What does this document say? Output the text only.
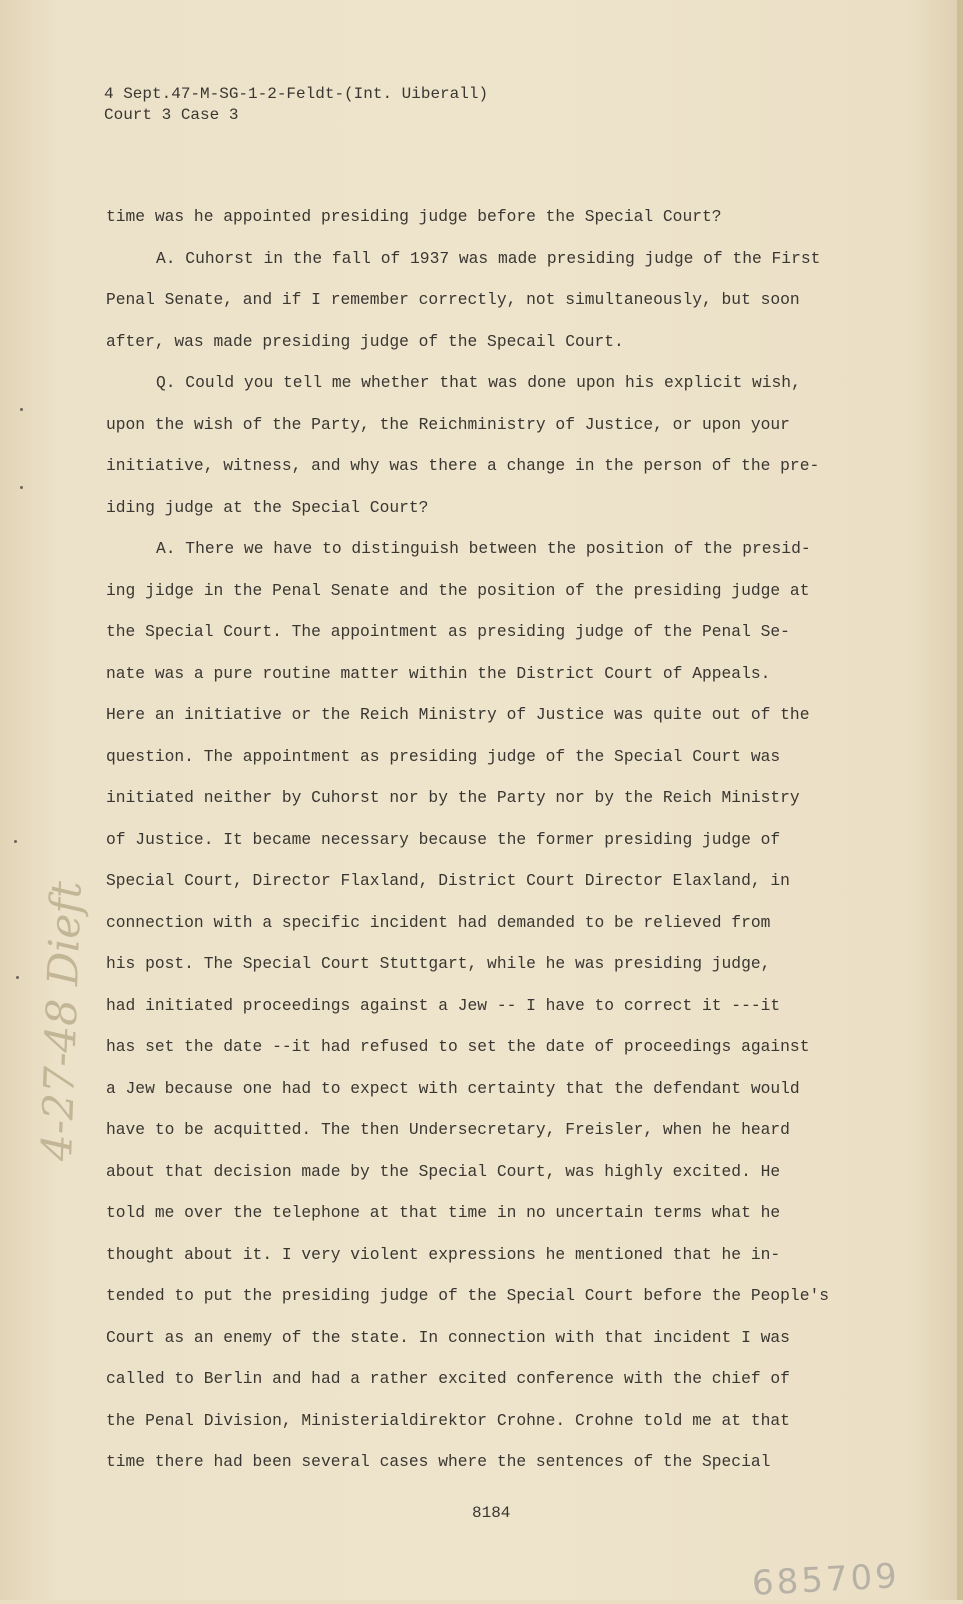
4 Sept.47-M-SG-1-2-Feldt-(Int. Uiberall)
Court 3 Case 3
time was he appointed presiding judge before the Special Court?
A. Cuhorst in the fall of 1937 was made presiding judge of the First
Penal Senate, and if I remember correctly, not simultaneously, but soon
after, was made presiding judge of the Specail Court.
Q. Could you tell me whether that was done upon his explicit wish,
upon the wish of the Party, the Reichministry of Justice, or upon your
initiative, witness, and why was there a change in the person of the pre-
iding judge at the Special Court?
A. There we have to distinguish between the position of the presid-
ing jidge in the Penal Senate and the position of the presiding judge at
the Special Court. The appointment as presiding judge of the Penal Se-
nate was a pure routine matter within the District Court of Appeals.
Here an initiative or the Reich Ministry of Justice was quite out of the
question. The appointment as presiding judge of the Special Court was
initiated neither by Cuhorst nor by the Party nor by the Reich Ministry
of Justice. It became necessary because the former presiding judge of
Special Court, Director Flaxland, District Court Director Elaxland, in
connection with a specific incident had demanded to be relieved from
his post. The Special Court Stuttgart, while he was presiding judge,
had initiated proceedings against a Jew -- I have to correct it ---it
has set the date --it had refused to set the date of proceedings against
a Jew because one had to expect with certainty that the defendant would
have to be acquitted. The then Undersecretary, Freisler, when he heard
about that decision made by the Special Court, was highly excited. He
told me over the telephone at that time in no uncertain terms what he
thought about it. I very violent expressions he mentioned that he in-
tended to put the presiding judge of the Special Court before the People's
Court as an enemy of the state. In connection with that incident I was
called to Berlin and had a rather excited conference with the chief of
the Penal Division, Ministerialdirektor Crohne. Crohne told me at that
time there had been several cases where the sentences of the Special
8184
685709
4-27-48 Dieft
